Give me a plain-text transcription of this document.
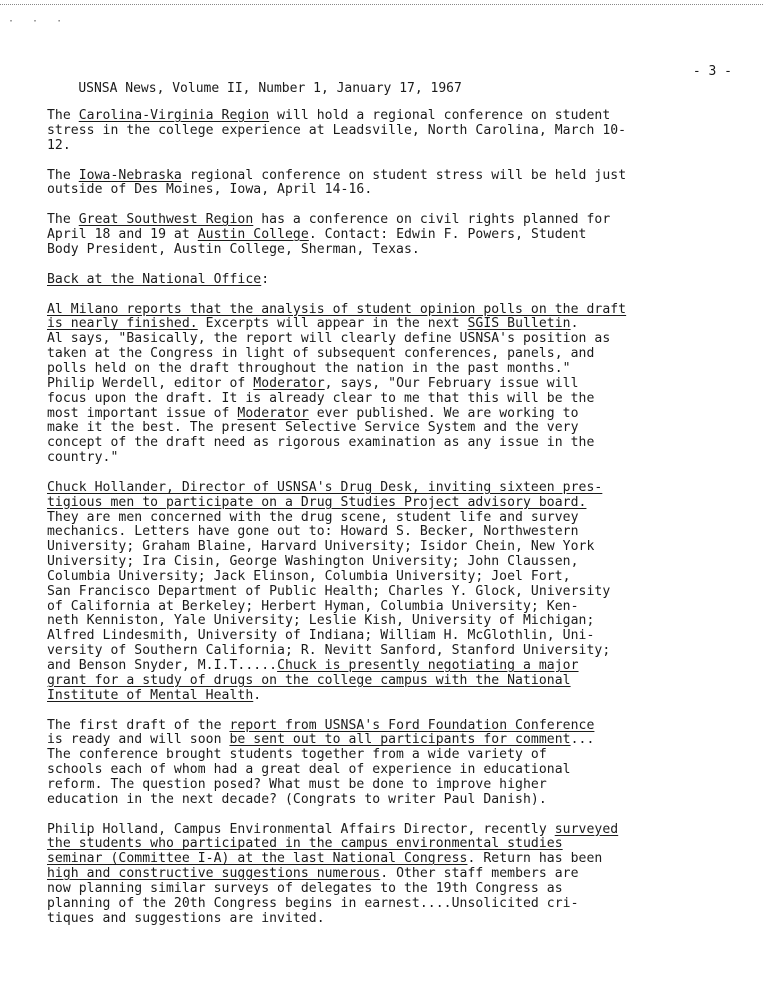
· · ·

USNSA News, Volume II, Number 1, January 17, 1967

- 3 -

The Carolina-Virginia Region will hold a regional conference on student
stress in the college experience at Leadsville, North Carolina, March 10-
12.

The Iowa-Nebraska regional conference on student stress will be held just
outside of Des Moines, Iowa, April 14-16.

The Great Southwest Region has a conference on civil rights planned for
April 18 and 19 at Austin College. Contact: Edwin F. Powers, Student
Body President, Austin College, Sherman, Texas.

Back at the National Office:

Al Milano reports that the analysis of student opinion polls on the draft
is nearly finished. Excerpts will appear in the next SGIS Bulletin.
Al says, "Basically, the report will clearly define USNSA's position as
taken at the Congress in light of subsequent conferences, panels, and
polls held on the draft throughout the nation in the past months."
Philip Werdell, editor of Moderator, says, "Our February issue will
focus upon the draft. It is already clear to me that this will be the
most important issue of Moderator ever published. We are working to
make it the best. The present Selective Service System and the very
concept of the draft need as rigorous examination as any issue in the
country."

Chuck Hollander, Director of USNSA's Drug Desk, inviting sixteen pres-
tigious men to participate on a Drug Studies Project advisory board.
They are men concerned with the drug scene, student life and survey
mechanics. Letters have gone out to: Howard S. Becker, Northwestern
University; Graham Blaine, Harvard University; Isidor Chein, New York
University; Ira Cisin, George Washington University; John Claussen,
Columbia University; Jack Elinson, Columbia University; Joel Fort,
San Francisco Department of Public Health; Charles Y. Glock, University
of California at Berkeley; Herbert Hyman, Columbia University; Ken-
neth Kenniston, Yale University; Leslie Kish, University of Michigan;
Alfred Lindesmith, University of Indiana; William H. McGlothlin, Uni-
versity of Southern California; R. Nevitt Sanford, Stanford University;
and Benson Snyder, M.I.T.....Chuck is presently negotiating a major
grant for a study of drugs on the college campus with the National
Institute of Mental Health.

The first draft of the report from USNSA's Ford Foundation Conference
is ready and will soon be sent out to all participants for comment...
The conference brought students together from a wide variety of
schools each of whom had a great deal of experience in educational
reform. The question posed? What must be done to improve higher
education in the next decade? (Congrats to writer Paul Danish).

Philip Holland, Campus Environmental Affairs Director, recently surveyed
the students who participated in the campus environmental studies
seminar (Committee I-A) at the last National Congress. Return has been
high and constructive suggestions numerous. Other staff members are
now planning similar surveys of delegates to the 19th Congress as
planning of the 20th Congress begins in earnest....Unsolicited cri-
tiques and suggestions are invited.
